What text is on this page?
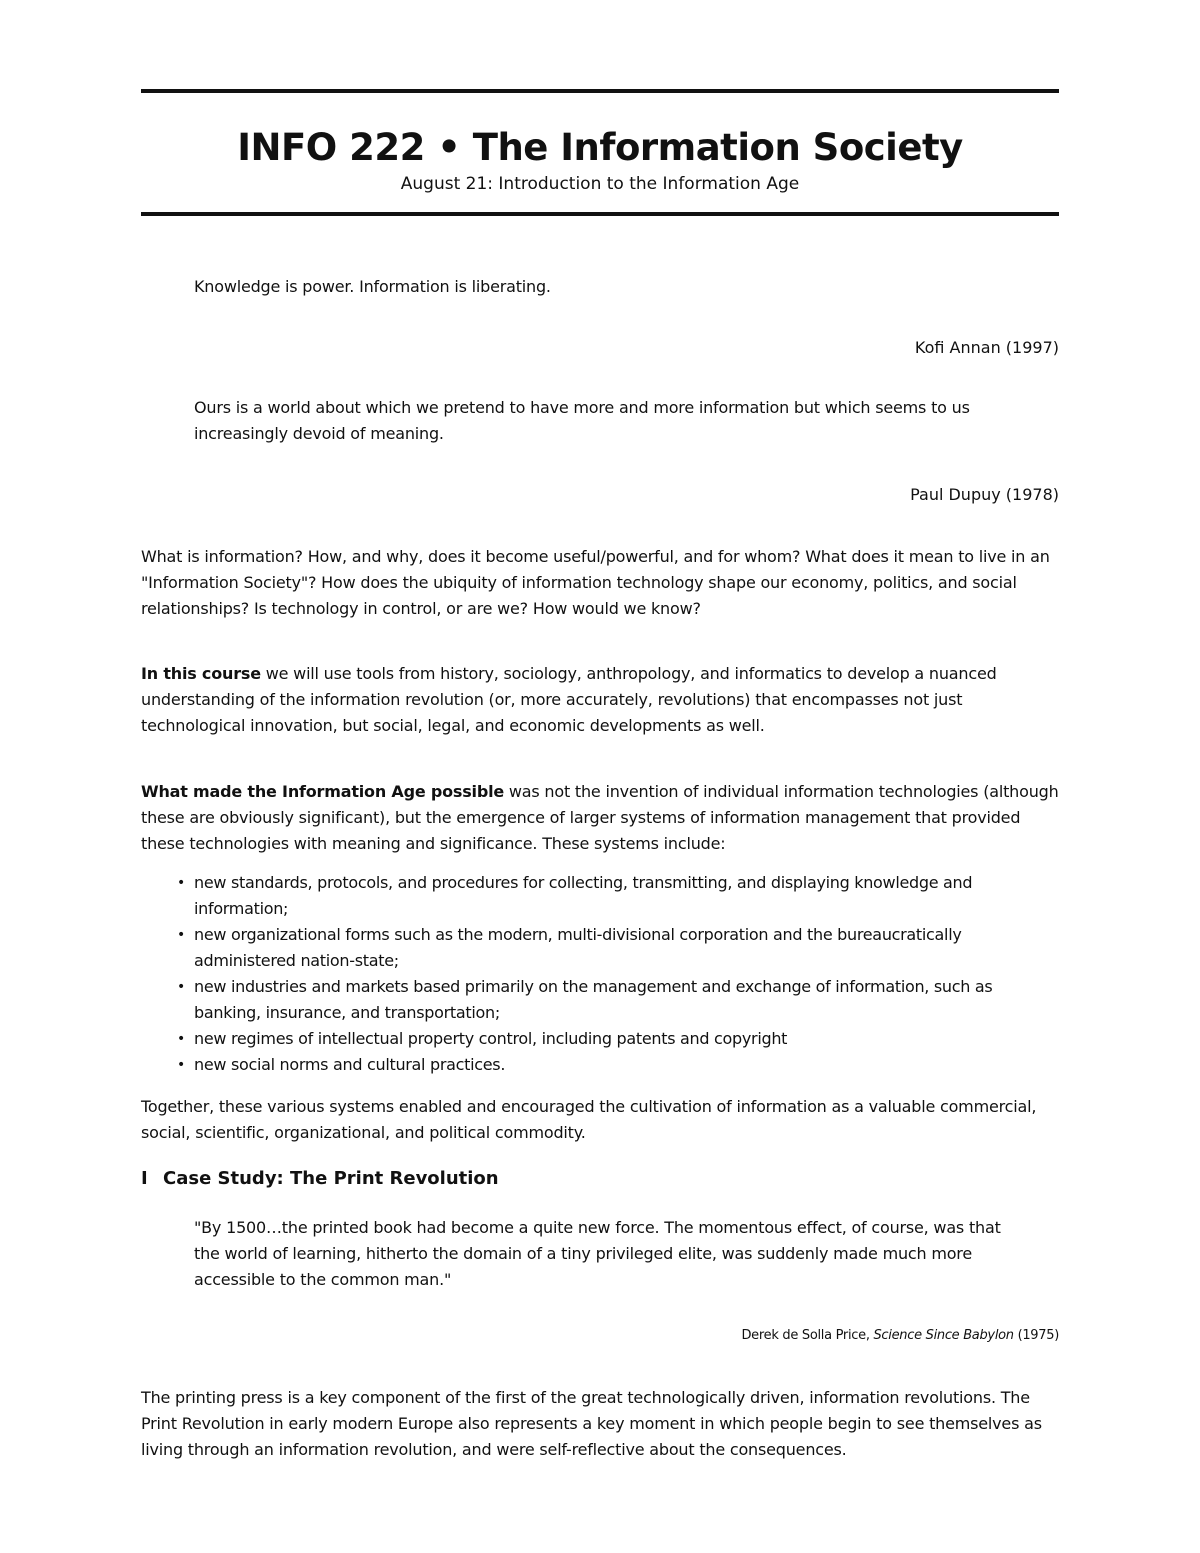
INFO 222 • The Information Society
August 21: Introduction to the Information Age
Knowledge is power. Information is liberating.
Kofi Annan (1997)
Ours is a world about which we pretend to have more and more information but which seems to us increasingly devoid of meaning.
Paul Dupuy (1978)
What is information? How, and why, does it become useful/powerful, and for whom? What does it mean to live in an "Information Society"? How does the ubiquity of information technology shape our economy, politics, and social relationships? Is technology in control, or are we? How would we know?
In this course we will use tools from history, sociology, anthropology, and informatics to develop a nuanced understanding of the information revolution (or, more accurately, revolutions) that encompasses not just technological innovation, but social, legal, and economic developments as well.
What made the Information Age possible was not the invention of individual information technologies (although these are obviously significant), but the emergence of larger systems of information management that provided these technologies with meaning and significance. These systems include:
• new standards, protocols, and procedures for collecting, transmitting, and displaying knowledge and information;
• new organizational forms such as the modern, multi-divisional corporation and the bureaucratically administered nation-state;
• new industries and markets based primarily on the management and exchange of information, such as banking, insurance, and transportation;
• new regimes of intellectual property control, including patents and copyright
• new social norms and cultural practices.
Together, these various systems enabled and encouraged the cultivation of information as a valuable commercial, social, scientific, organizational, and political commodity.
I Case Study: The Print Revolution
"By 1500…the printed book had become a quite new force. The momentous effect, of course, was that the world of learning, hitherto the domain of a tiny privileged elite, was suddenly made much more accessible to the common man."
Derek de Solla Price, Science Since Babylon (1975)
The printing press is a key component of the first of the great technologically driven, information revolutions. The Print Revolution in early modern Europe also represents a key moment in which people begin to see themselves as living through an information revolution, and were self-reflective about the consequences.
